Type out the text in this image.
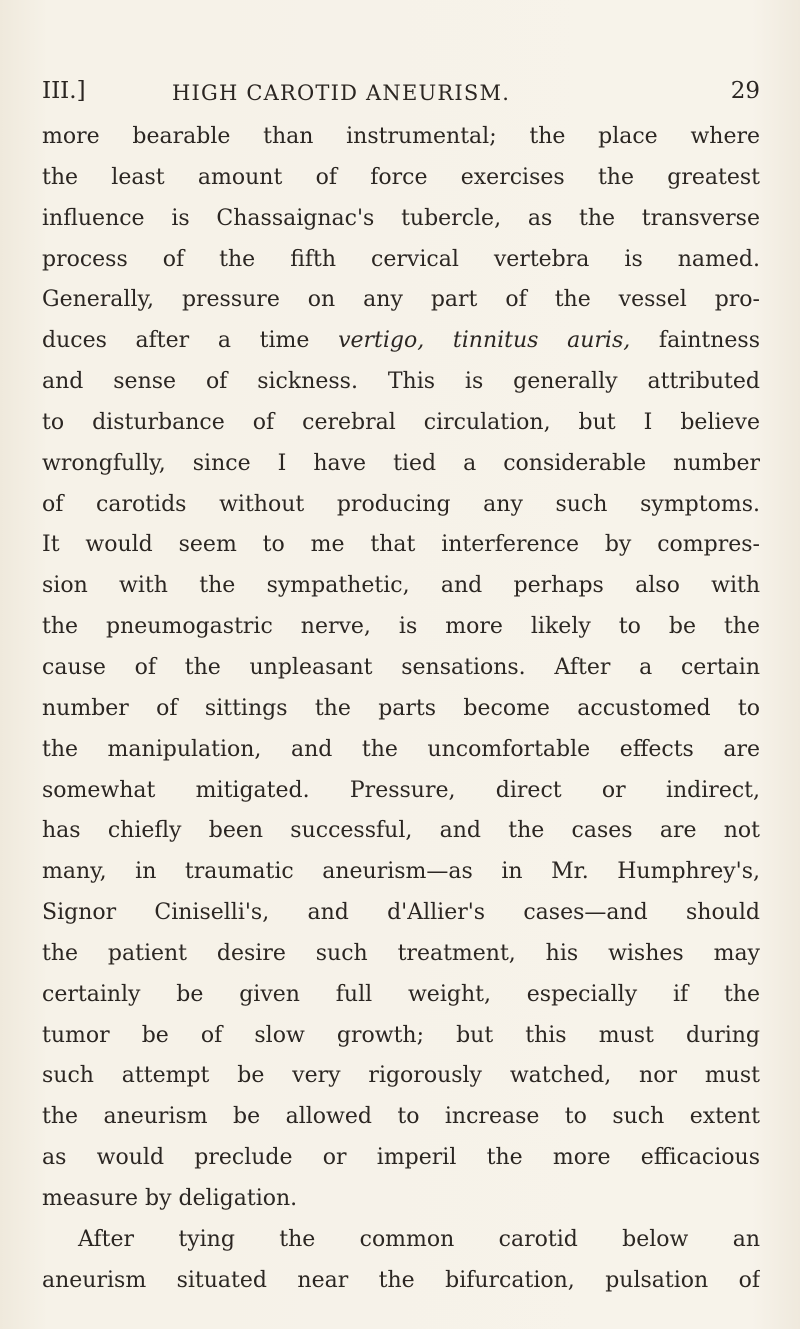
III.]	HIGH CAROTID ANEURISM.	29
more bearable than instrumental; the place where
the least amount of force exercises the greatest
influence is Chassaignac's tubercle, as the transverse
process of the fifth cervical vertebra is named.
Generally, pressure on any part of the vessel pro-
duces after a time vertigo, tinnitus auris, faintness
and sense of sickness. This is generally attributed
to disturbance of cerebral circulation, but I believe
wrongfully, since I have tied a considerable number
of carotids without producing any such symptoms.
It would seem to me that interference by compres-
sion with the sympathetic, and perhaps also with
the pneumogastric nerve, is more likely to be the
cause of the unpleasant sensations. After a certain
number of sittings the parts become accustomed to
the manipulation, and the uncomfortable effects are
somewhat mitigated. Pressure, direct or indirect,
has chiefly been successful, and the cases are not
many, in traumatic aneurism—as in Mr. Humphrey's,
Signor Ciniselli's, and d'Allier's cases—and should
the patient desire such treatment, his wishes may
certainly be given full weight, especially if the
tumor be of slow growth; but this must during
such attempt be very rigorously watched, nor must
the aneurism be allowed to increase to such extent
as would preclude or imperil the more efficacious
measure by deligation.
After tying the common carotid below an
aneurism situated near the bifurcation, pulsation of
